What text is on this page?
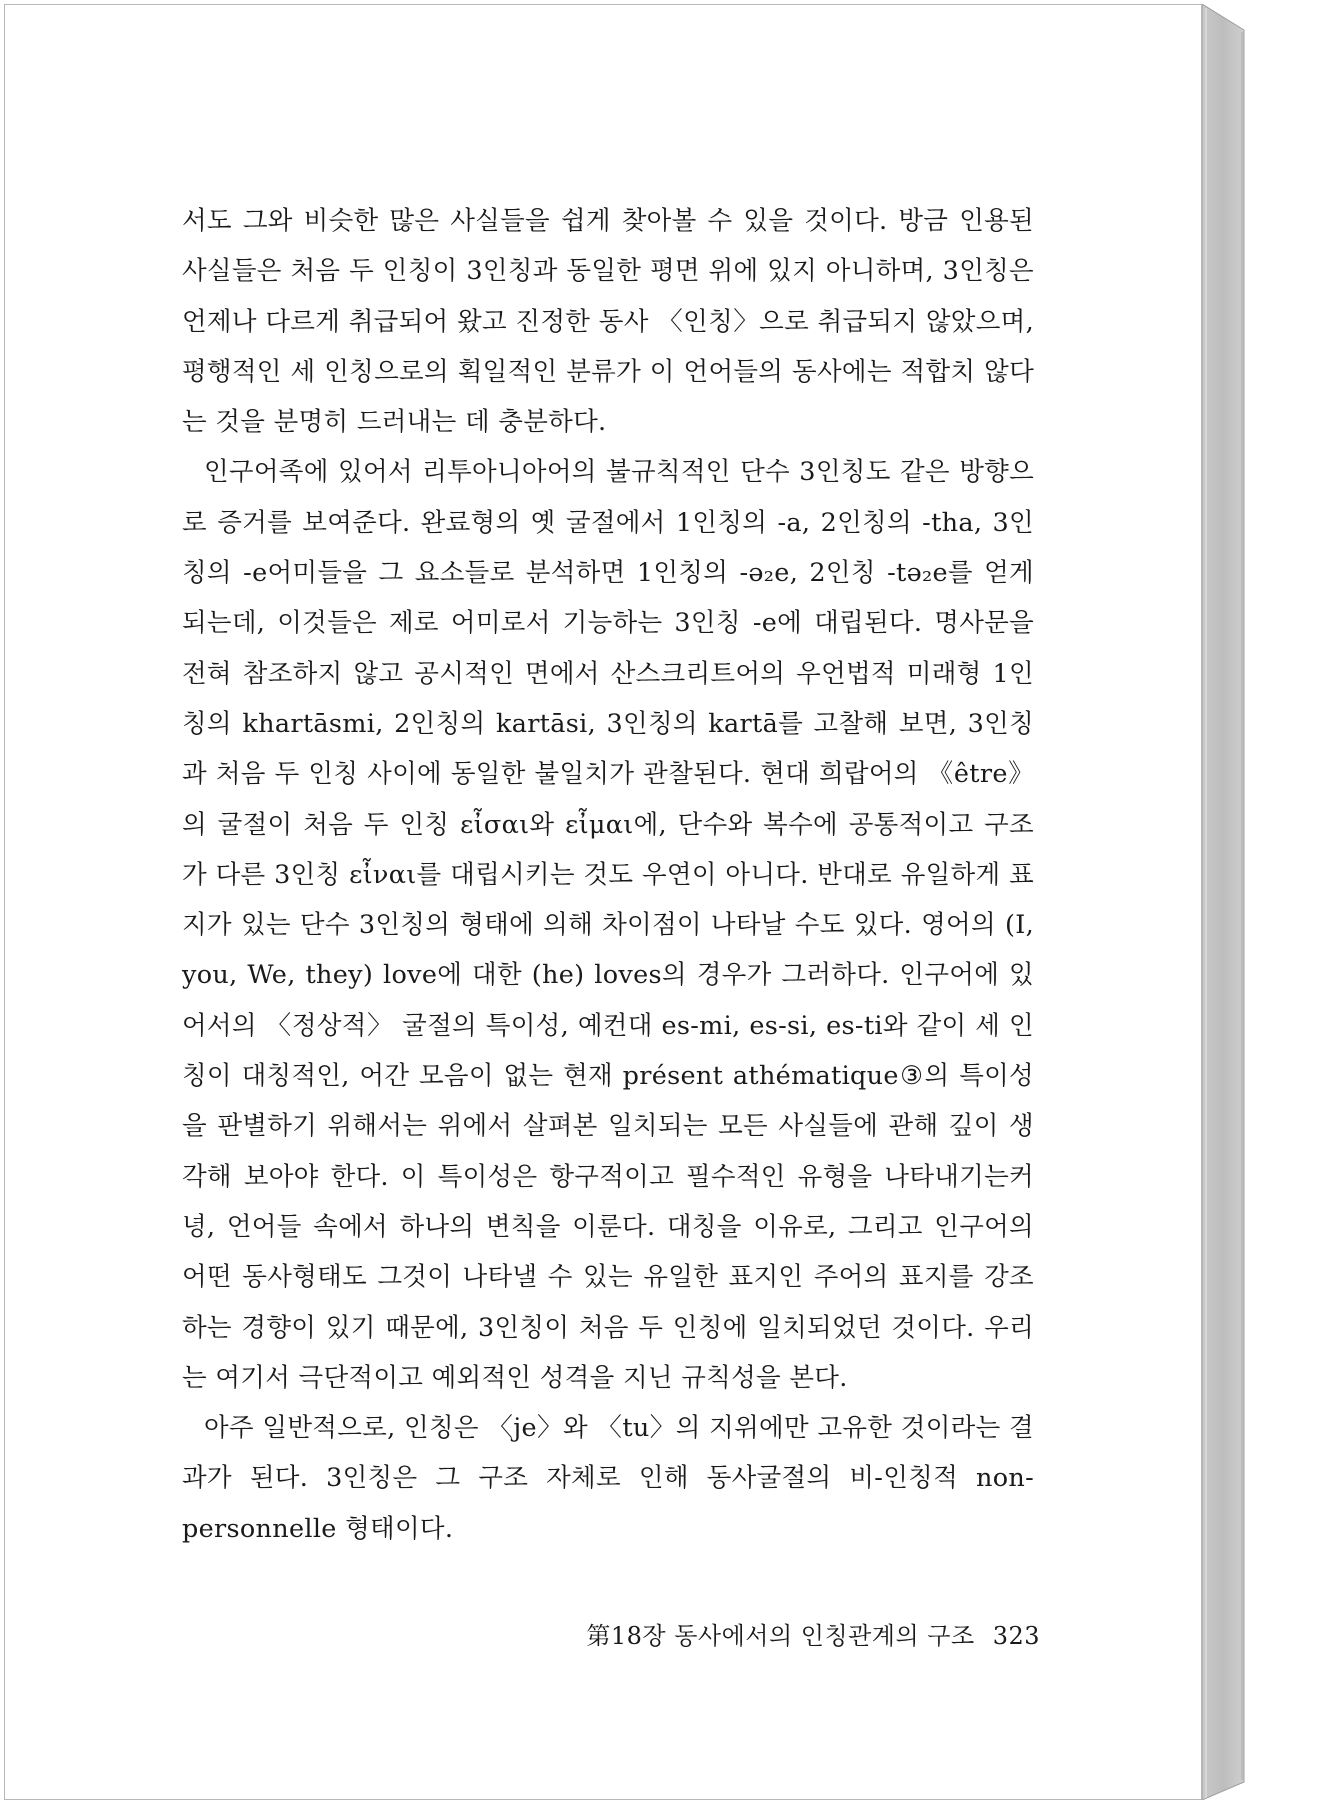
서도 그와 비슷한 많은 사실들을 쉽게 찾아볼 수 있을 것이다. 방금 인용된 사실들은 처음 두 인칭이 3인칭과 동일한 평면 위에 있지 아니하며, 3인칭은 언제나 다르게 취급되어 왔고 진정한 동사 〈인칭〉으로 취급되지 않았으며, 평행적인 세 인칭으로의 획일적인 분류가 이 언어들의 동사에는 적합치 않다는 것을 분명히 드러내는 데 충분하다.

인구어족에 있어서 리투아니아어의 불규칙적인 단수 3인칭도 같은 방향으로 증거를 보여준다. 완료형의 옛 굴절에서 1인칭의 -a, 2인칭의 -tha, 3인칭의 -e어미들을 그 요소들로 분석하면 1인칭의 -ə₂e, 2인칭 -tə₂e를 얻게 되는데, 이것들은 제로 어미로서 기능하는 3인칭 -e에 대립된다. 명사문을 전혀 참조하지 않고 공시적인 면에서 산스크리트어의 우언법적 미래형 1인칭의 khartāsmi, 2인칭의 kartāsi, 3인칭의 kartā를 고찰해 보면, 3인칭과 처음 두 인칭 사이에 동일한 불일치가 관찰된다. 현대 희랍어의 《être》의 굴절이 처음 두 인칭 εἶσαι와 εἶμαι에, 단수와 복수에 공통적이고 구조가 다른 3인칭 εἶναι를 대립시키는 것도 우연이 아니다. 반대로 유일하게 표지가 있는 단수 3인칭의 형태에 의해 차이점이 나타날 수도 있다. 영어의 (I, you, We, they) love에 대한 (he) loves의 경우가 그러하다. 인구어에 있어서의 〈정상적〉 굴절의 특이성, 예컨대 es-mi, es-si, es-ti와 같이 세 인칭이 대칭적인, 어간 모음이 없는 현재 présent athématique③의 특이성을 판별하기 위해서는 위에서 살펴본 일치되는 모든 사실들에 관해 깊이 생각해 보아야 한다. 이 특이성은 항구적이고 필수적인 유형을 나타내기는커녕, 언어들 속에서 하나의 변칙을 이룬다. 대칭을 이유로, 그리고 인구어의 어떤 동사형태도 그것이 나타낼 수 있는 유일한 표지인 주어의 표지를 강조하는 경향이 있기 때문에, 3인칭이 처음 두 인칭에 일치되었던 것이다. 우리는 여기서 극단적이고 예외적인 성격을 지닌 규칙성을 본다.

아주 일반적으로, 인칭은 〈je〉와 〈tu〉의 지위에만 고유한 것이라는 결과가 된다. 3인칭은 그 구조 자체로 인해 동사굴절의 비-인칭적 non-personnelle 형태이다.

第18장 동사에서의 인칭관계의 구조 323
